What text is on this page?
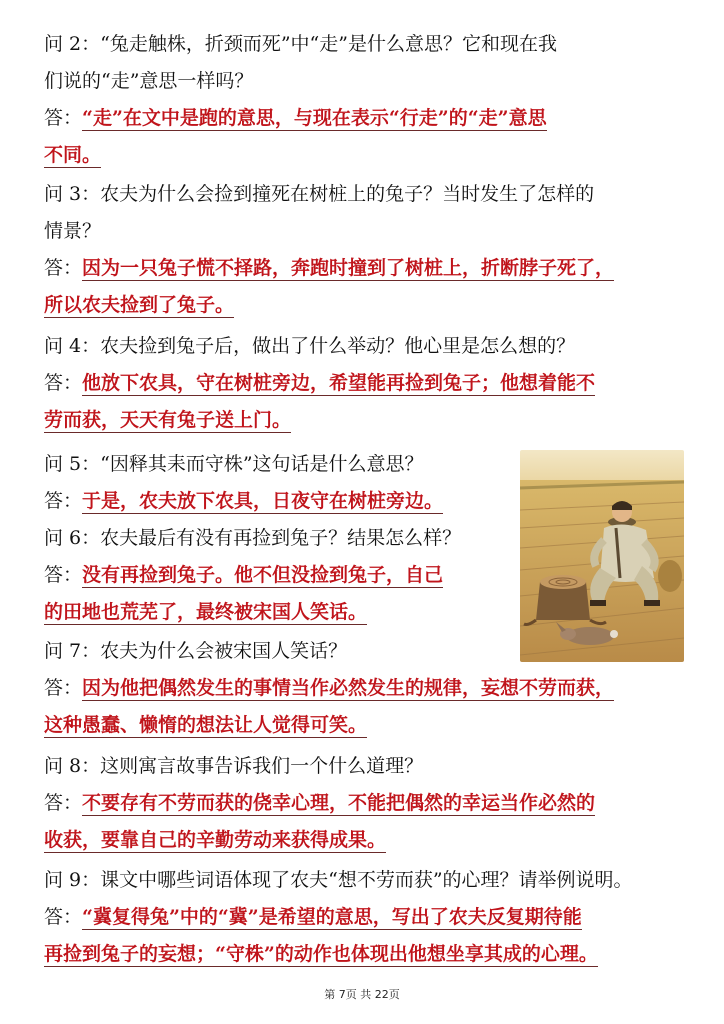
问 2：“兔走触株，折颈而死”中“走”是什么意思？它和现在我
们说的“走”意思一样吗？
答：“走”在文中是跑的意思，与现在表示“行走”的“走”意思
不同。
问 3：农夫为什么会捡到撞死在树桩上的兔子？当时发生了怎样的
情景？
答：因为一只兔子慌不择路，奔跑时撞到了树桩上，折断脖子死了，
所以农夫捡到了兔子。
问 4：农夫捡到兔子后，做出了什么举动？他心里是怎么想的？
答：他放下农具，守在树桩旁边，希望能再捡到兔子；他想着能不
劳而获，天天有兔子送上门。
问 5：“因释其耒而守株”这句话是什么意思？
答：于是，农夫放下农具，日夜守在树桩旁边。
问 6：农夫最后有没有再捡到兔子？结果怎么样？
答：没有再捡到兔子。他不但没捡到兔子，自己
的田地也荒芜了，最终被宋国人笑话。
问 7：农夫为什么会被宋国人笑话？
答：因为他把偶然发生的事情当作必然发生的规律，妄想不劳而获，
这种愚蠢、懒惰的想法让人觉得可笑。
问 8：这则寓言故事告诉我们一个什么道理？
答：不要存有不劳而获的侥幸心理，不能把偶然的幸运当作必然的
收获，要靠自己的辛勤劳动来获得成果。
问 9：课文中哪些词语体现了农夫“想不劳而获”的心理？请举例说明。
答：“冀复得兔”中的“冀”是希望的意思，写出了农夫反复期待能
再捡到兔子的妄想；“守株”的动作也体现出他想坐享其成的心理。
第 7页 共 22页
